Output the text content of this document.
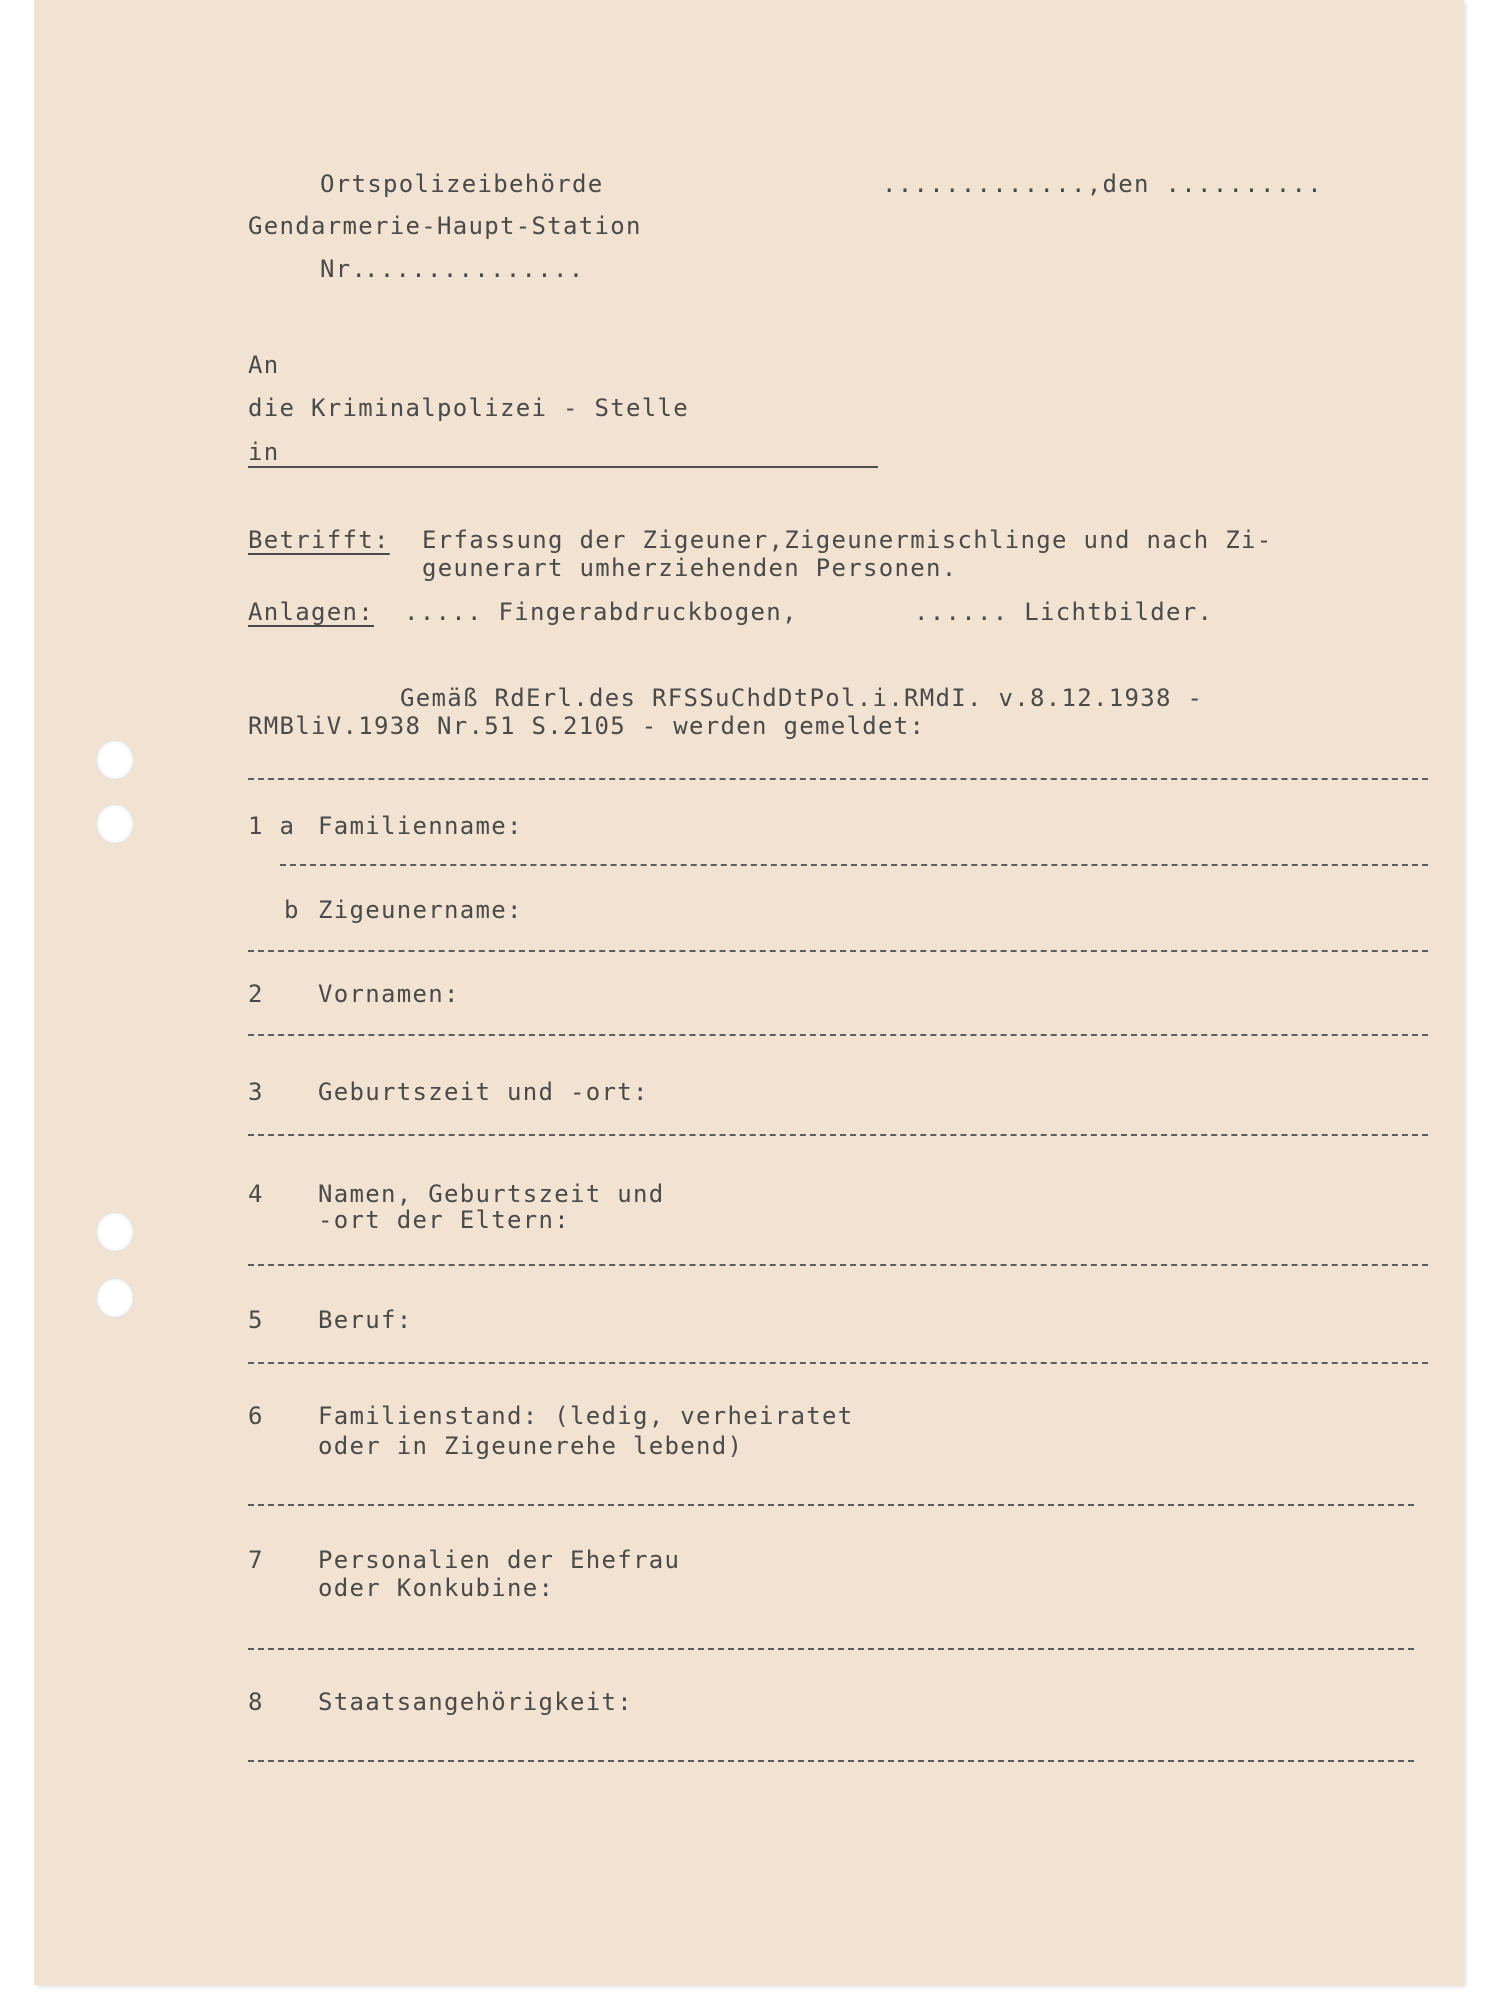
Ortspolizeibehörde
Gendarmerie-Haupt-Station
Nr.
..............
.............,den ..........
An
die Kriminalpolizei - Stelle
in
Betrifft: Erfassung der Zigeuner,Zigeunermischlinge und nach Zi-
geunerart umherziehenden Personen.
Anlagen: ..... Fingerabdruckbogen,	...... Lichtbilder.
Gemäß RdErl.des RFSSuChdDtPol.i.RMdI. v.8.12.1938 -
RMBliV.1938 Nr.51 S.2105 - werden gemeldet:
1 a Familienname:
b Zigeunername:
2 Vornamen:
3 Geburtszeit und -ort:
4 Namen, Geburtszeit und
-ort der Eltern:
5 Beruf:
6 Familienstand: (ledig, verheiratet
oder in Zigeunerehe lebend)
7 Personalien der Ehefrau
oder Konkubine:
8 Staatsangehörigkeit:
